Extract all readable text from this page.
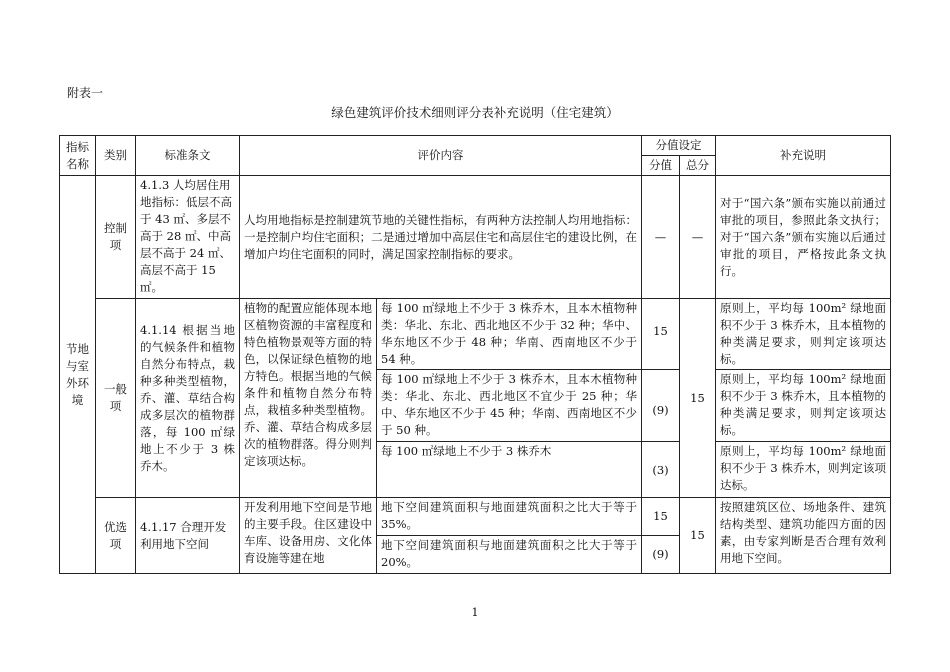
附表一
绿色建筑评价技术细则评分表补充说明（住宅建筑）
指标名称	类别	标准条文	评价内容		分值设定		补充说明
					分值	总分	
节地与室外环境	控制项	4.1.3 人均居住用地指标：低层不高于 43 ㎡、多层不高于 28 ㎡、中高层不高于 24 ㎡、高层不高于 15 ㎡。	人均用地指标是控制建筑节地的关键性指标，有两种方法控制人均用地指标：一是控制户均住宅面积；二是通过增加中高层住宅和高层住宅的建设比例，在增加户均住宅面积的同时，满足国家控制指标的要求。		—	—	对于“国六条”颁布实施以前通过审批的项目，参照此条文执行；对于“国六条”颁布实施以后通过审批的项目，严格按此条文执行。
	一般项	4.1.14 根据当地的气候条件和植物自然分布特点，栽种多种类型植物，乔、灌、草结合构成多层次的植物群落，每 100 ㎡绿地上不少于 3 株乔木。	植物的配置应能体现本地区植物资源的丰富程度和特色植物景观等方面的特色，以保证绿色植物的地方特色。根据当地的气候条件和植物自然分布特点，栽植多种类型植物。乔、灌、草结合构成多层次的植物群落。得分则判定该项达标。	每 100 ㎡绿地上不少于 3 株乔木，且本木植物种类：华北、东北、西北地区不少于 32 种；华中、华东地区不少于 48 种；华南、西南地区不少于 54 种。	15	15	原则上，平均每 100m² 绿地面积不少于 3 株乔木，且本植物的种类满足要求，则判定该项达标。
				每 100 ㎡绿地上不少于 3 株乔木，且本木植物种类：华北、东北、西北地区不宜少于 25 种；华中、华东地区不少于 45 种；华南、西南地区不少于 50 种。	(9)		原则上，平均每 100m² 绿地面积不少于 3 株乔木，且本植物的种类满足要求，则判定该项达标。
				每 100 ㎡绿地上不少于 3 株乔木	(3)		原则上，平均每 100m² 绿地面积不少于 3 株乔木，则判定该项达标。
	优选项	4.1.17 合理开发利用地下空间	开发利用地下空间是节地的主要手段。住区建设中车库、设备用房、文化体育设施等建在地	地下空间建筑面积与地面建筑面积之比大于等于 35%。	15	15	按照建筑区位、场地条件、建筑结构类型、建筑功能四方面的因素，由专家判断是否合理有效利用地下空间。
				地下空间建筑面积与地面建筑面积之比大于等于 20%。	(9)		
1
